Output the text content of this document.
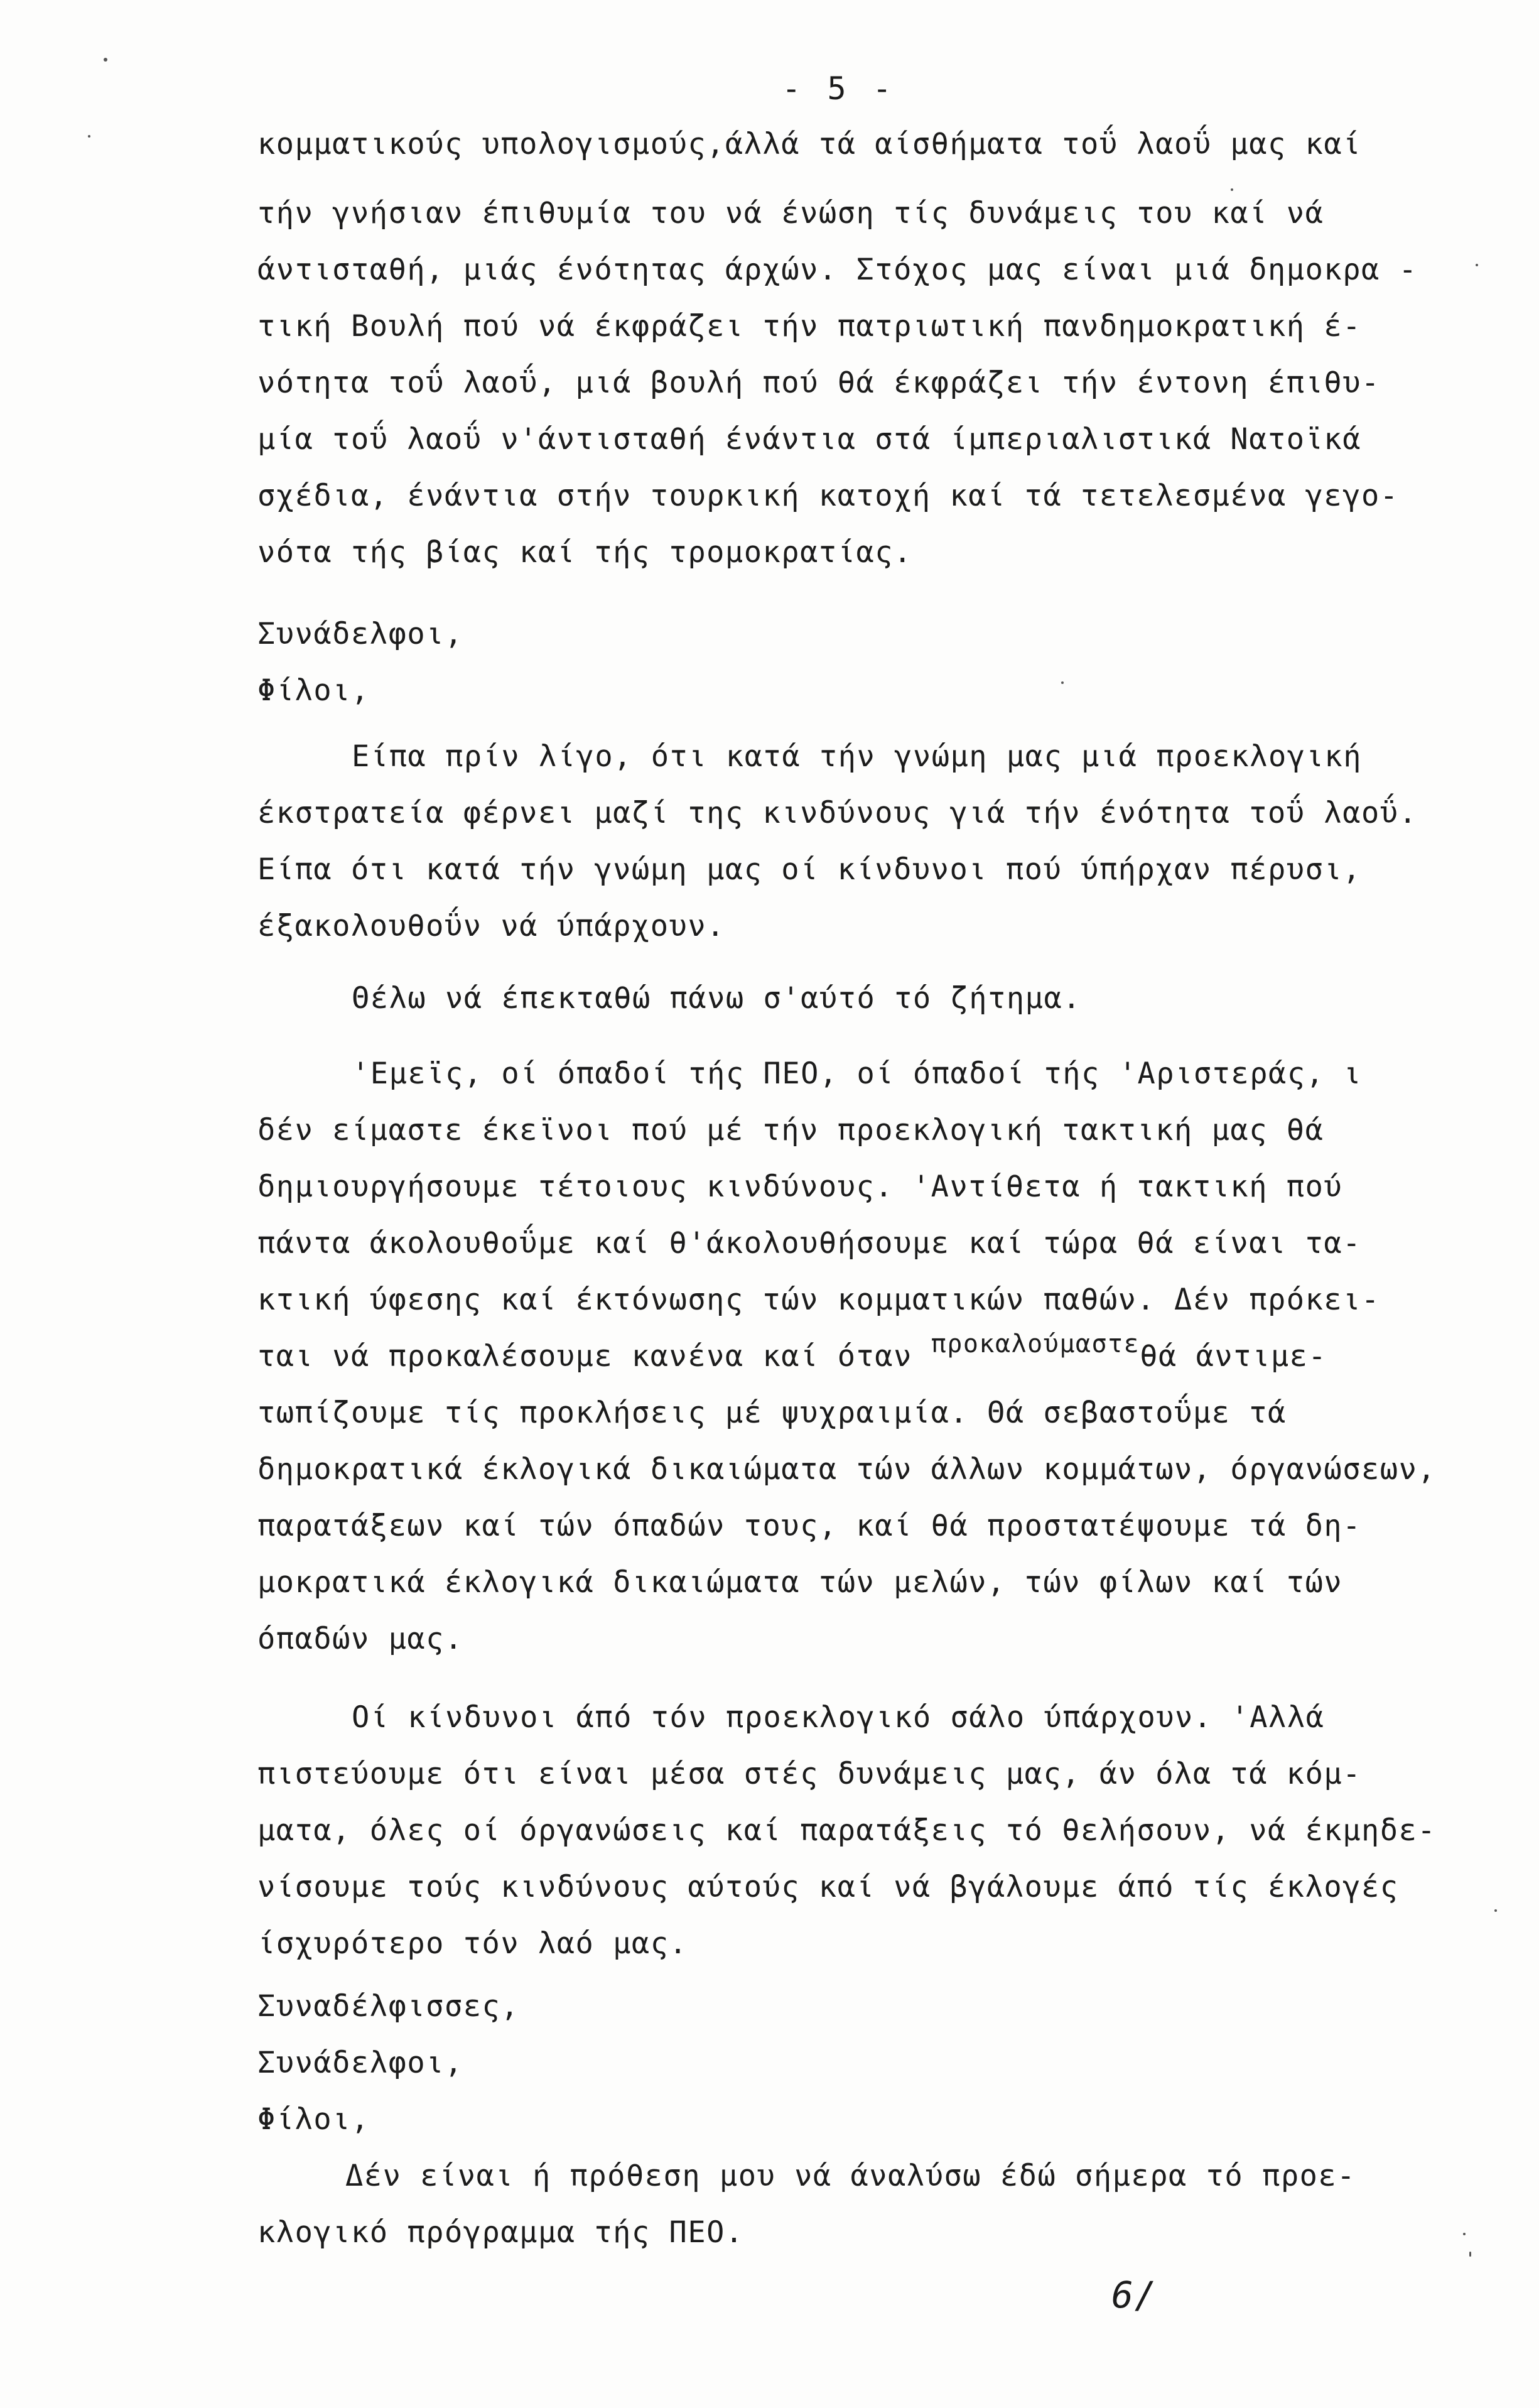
- 5 -
κομματικούς υπολογισμούς,άλλά τά αίσθήματα τοΰ λαοΰ μας καί
τήν γνήσιαν έπιθυμία του νά ένώση τίς δυνάμεις του καί νά
άντισταθή, μιάς ένότητας άρχών. Στόχος μας είναι μιά δημοκρα -
τική Βουλή πού νά έκφράζει τήν πατριωτική πανδημοκρατική έ-
νότητα τοΰ λαοΰ, μιά βουλή πού θά έκφράζει τήν έντονη έπιθυ-
μία τοΰ λαοΰ ν'άντισταθή ένάντια στά ίμπεριαλιστικά Νατοϊκά
σχέδια, ένάντια στήν τουρκική κατοχή καί τά τετελεσμένα γεγο-
νότα τής βίας καί τής τρομοκρατίας.
Συνάδελφοι,
Φίλοι,
Είπα πρίν λίγο, ότι κατά τήν γνώμη μας μιά προεκλογική
έκστρατεία φέρνει μαζί της κινδύνους γιά τήν ένότητα τοΰ λαοΰ.
Είπα ότι κατά τήν γνώμη μας οί κίνδυνοι πού ύπήρχαν πέρυσι,
έξακολουθοΰν νά ύπάρχουν.
Θέλω νά έπεκταθώ πάνω σ'αύτό τό ζήτημα.
'Εμεϊς, οί όπαδοί τής ΠΕΟ, οί όπαδοί τής 'Αριστεράς, ι
δέν είμαστε έκεϊνοι πού μέ τήν προεκλογική τακτική μας θά
δημιουργήσουμε τέτοιους κινδύνους. 'Αντίθετα ή τακτική πού
πάντα άκολουθοΰμε καί θ'άκολουθήσουμε καί τώρα θά είναι τα-
κτική ύφεσης καί έκτόνωσης τών κομματικών παθών. Δέν πρόκει-
ται νά προκαλέσουμε κανένα καί όταν προκαλούμαστεθά άντιμε-
τωπίζουμε τίς προκλήσεις μέ ψυχραιμία. Θά σεβαστοΰμε τά
δημοκρατικά έκλογικά δικαιώματα τών άλλων κομμάτων, όργανώσεων,
παρατάξεων καί τών όπαδών τους, καί θά προστατέψουμε τά δη-
μοκρατικά έκλογικά δικαιώματα τών μελών, τών φίλων καί τών
όπαδών μας.
Οί κίνδυνοι άπό τόν προεκλογικό σάλο ύπάρχουν. 'Αλλά
πιστεύουμε ότι είναι μέσα στές δυνάμεις μας, άν όλα τά κόμ-
ματα, όλες οί όργανώσεις καί παρατάξεις τό θελήσουν, νά έκμηδε-
νίσουμε τούς κινδύνους αύτούς καί νά βγάλουμε άπό τίς έκλογές
ίσχυρότερο τόν λαό μας.
Συναδέλφισσες,
Συνάδελφοι,
Φίλοι,
Δέν είναι ή πρόθεση μου νά άναλύσω έδώ σήμερα τό προε-
κλογικό πρόγραμμα τής ΠΕΟ.
6/
